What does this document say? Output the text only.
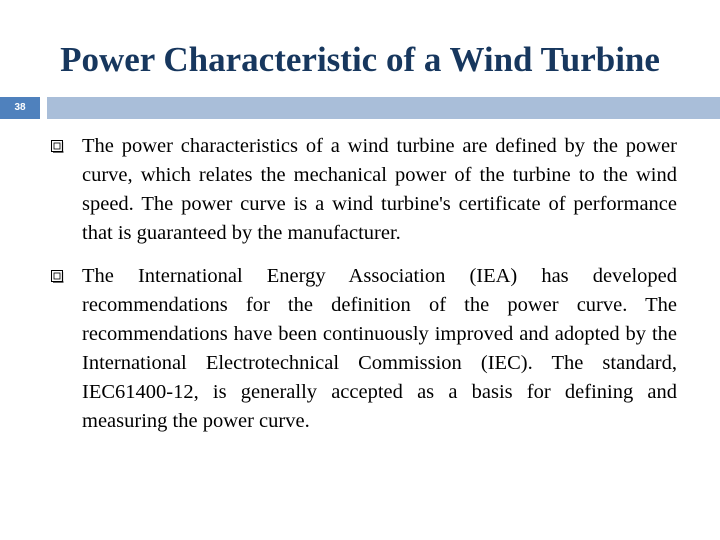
Power Characteristic of a Wind Turbine
38
The power characteristics of a wind turbine are defined by the power curve, which relates the mechanical power of the turbine to the wind speed. The power curve is a wind turbine's certificate of performance that is guaranteed by the manufacturer.
The International Energy Association (IEA) has developed recommendations for the definition of the power curve. The recommendations have been continuously improved and adopted by the International Electrotechnical Commission (IEC). The standard, IEC61400-12, is generally accepted as a basis for defining and measuring the power curve.
